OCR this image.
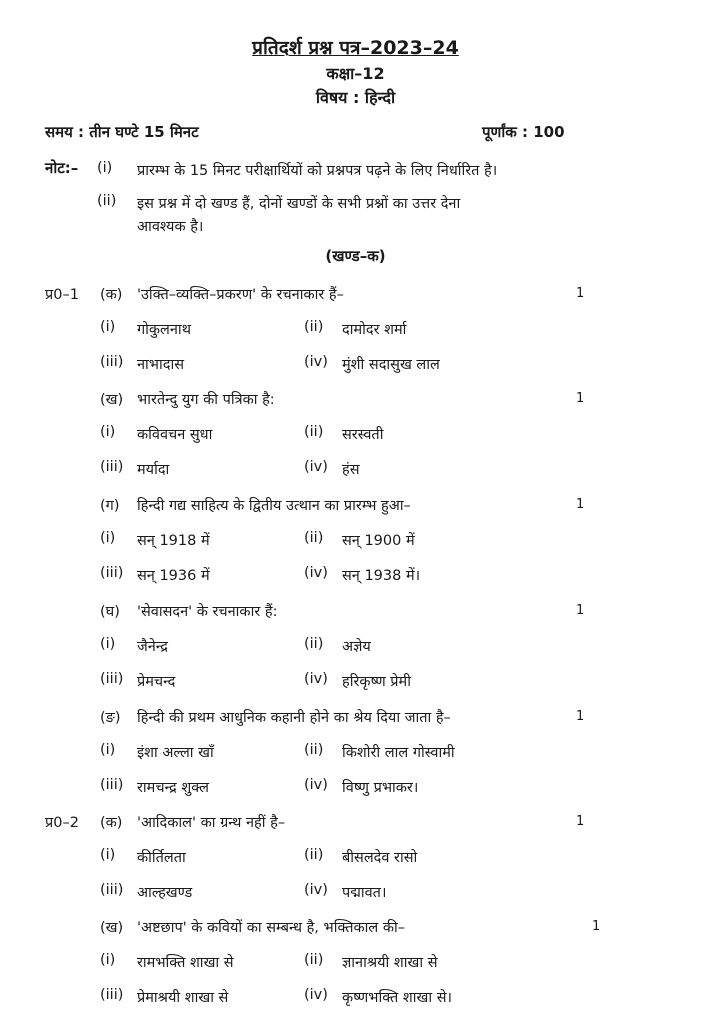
प्रतिदर्श प्रश्न पत्र–2023–24
कक्षा–12
विषय : हिन्दी
समय : तीन घण्टे 15 मिनट	पूर्णांक : 100
नोट:– (i) प्रारम्भ के 15 मिनट परीक्षार्थियों को प्रश्नपत्र पढ़ने के लिए निर्धारित है।
(ii) इस प्रश्न में दो खण्ड हैं, दोनों खण्डों के सभी प्रश्नों का उत्तर देना
आवश्यक है।
(खण्ड–क)
प्र0–1 (क) 'उक्ति–व्यक्ति–प्रकरण' के रचनाकार हैं–	1
(i) गोकुलनाथ	(ii) दामोदर शर्मा
(iii) नाभादास	(iv) मुंशी सदासुख लाल
(ख) भारतेन्दु युग की पत्रिका है:	1
(i) कविवचन सुधा	(ii) सरस्वती
(iii) मर्यादा	(iv) हंस
(ग) हिन्दी गद्य साहित्य के द्वितीय उत्थान का प्रारम्भ हुआ–	1
(i) सन् 1918 में	(ii) सन् 1900 में
(iii) सन् 1936 में	(iv) सन् 1938 में।
(घ) 'सेवासदन' के रचनाकार हैं:	1
(i) जैनेन्द्र	(ii) अज्ञेय
(iii) प्रेमचन्द	(iv) हरिकृष्ण प्रेमी
(ङ) हिन्दी की प्रथम आधुनिक कहानी होने का श्रेय दिया जाता है–	1
(i) इंशा अल्ला खाँ	(ii) किशोरी लाल गोस्वामी
(iii) रामचन्द्र शुक्ल	(iv) विष्णु प्रभाकर।
प्र0–2 (क) 'आदिकाल' का ग्रन्थ नहीं है–	1
(i) कीर्तिलता	(ii) बीसलदेव रासो
(iii) आल्हखण्ड	(iv) पद्मावत।
(ख) 'अष्टछाप' के कवियों का सम्बन्ध है, भक्तिकाल की–	1
(i) रामभक्ति शाखा से	(ii) ज्ञानाश्रयी शाखा से
(iii) प्रेमाश्रयी शाखा से	(iv) कृष्णभक्ति शाखा से।
